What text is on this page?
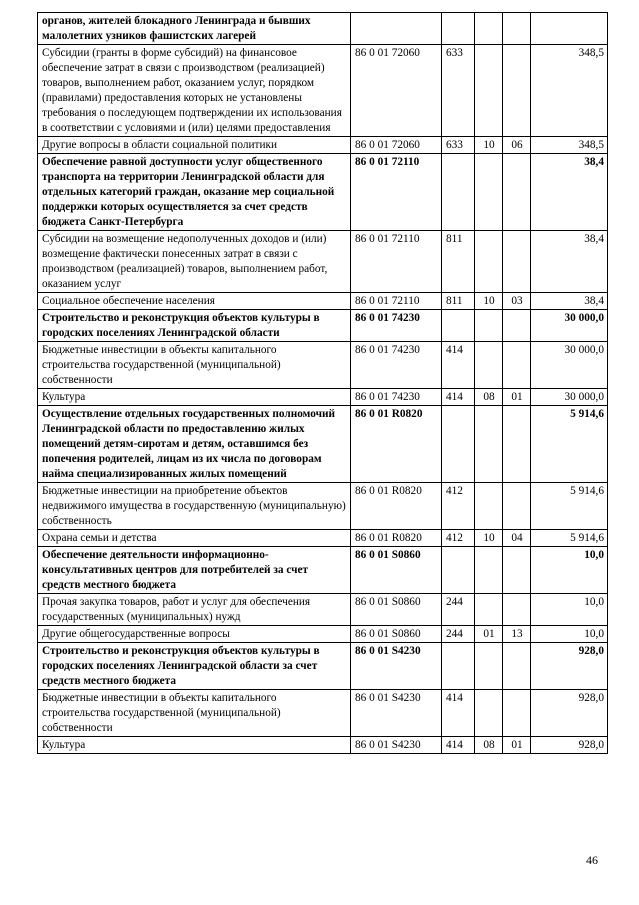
органов, жителей блокадного Ленинграда и бывших малолетних узников фашистских лагерей					
Субсидии (гранты в форме субсидий) на финансовое обеспечение затрат в связи с производством (реализацией) товаров, выполнением работ, оказанием услуг, порядком (правилами) предоставления которых не установлены требования о последующем подтверждении их использования в соответствии с условиями и (или) целями предоставления	86 0 01 72060	633			348,5
Другие вопросы в области социальной политики	86 0 01 72060	633	10	06	348,5
Обеспечение равной доступности услуг общественного транспорта на территории Ленинградской области для отдельных категорий граждан, оказание мер социальной поддержки которых осуществляется за счет средств бюджета Санкт-Петербурга	86 0 01 72110				38,4
Субсидии на возмещение недополученных доходов и (или) возмещение фактически понесенных затрат в связи с производством (реализацией) товаров, выполнением работ, оказанием услуг	86 0 01 72110	811			38,4
Социальное обеспечение населения	86 0 01 72110	811	10	03	38,4
Строительство и реконструкция объектов культуры в городских поселениях Ленинградской области	86 0 01 74230				30 000,0
Бюджетные инвестиции в объекты капитального строительства государственной (муниципальной) собственности	86 0 01 74230	414			30 000,0
Культура	86 0 01 74230	414	08	01	30 000,0
Осуществление отдельных государственных полномочий Ленинградской области по предоставлению жилых помещений детям-сиротам и детям, оставшимся без попечения родителей, лицам из их числа по договорам найма специализированных жилых помещений	86 0 01 R0820				5 914,6
Бюджетные инвестиции на приобретение объектов недвижимого имущества в государственную (муниципальную) собственность	86 0 01 R0820	412			5 914,6
Охрана семьи и детства	86 0 01 R0820	412	10	04	5 914,6
Обеспечение деятельности информационно-консультативных центров для потребителей за счет средств местного бюджета	86 0 01 S0860				10,0
Прочая закупка товаров, работ и услуг для обеспечения государственных (муниципальных) нужд	86 0 01 S0860	244			10,0
Другие общегосударственные вопросы	86 0 01 S0860	244	01	13	10,0
Строительство и реконструкция объектов культуры в городских поселениях Ленинградской области за счет средств местного бюджета	86 0 01 S4230				928,0
Бюджетные инвестиции в объекты капитального строительства государственной (муниципальной) собственности	86 0 01 S4230	414			928,0
Культура	86 0 01 S4230	414	08	01	928,0
46
